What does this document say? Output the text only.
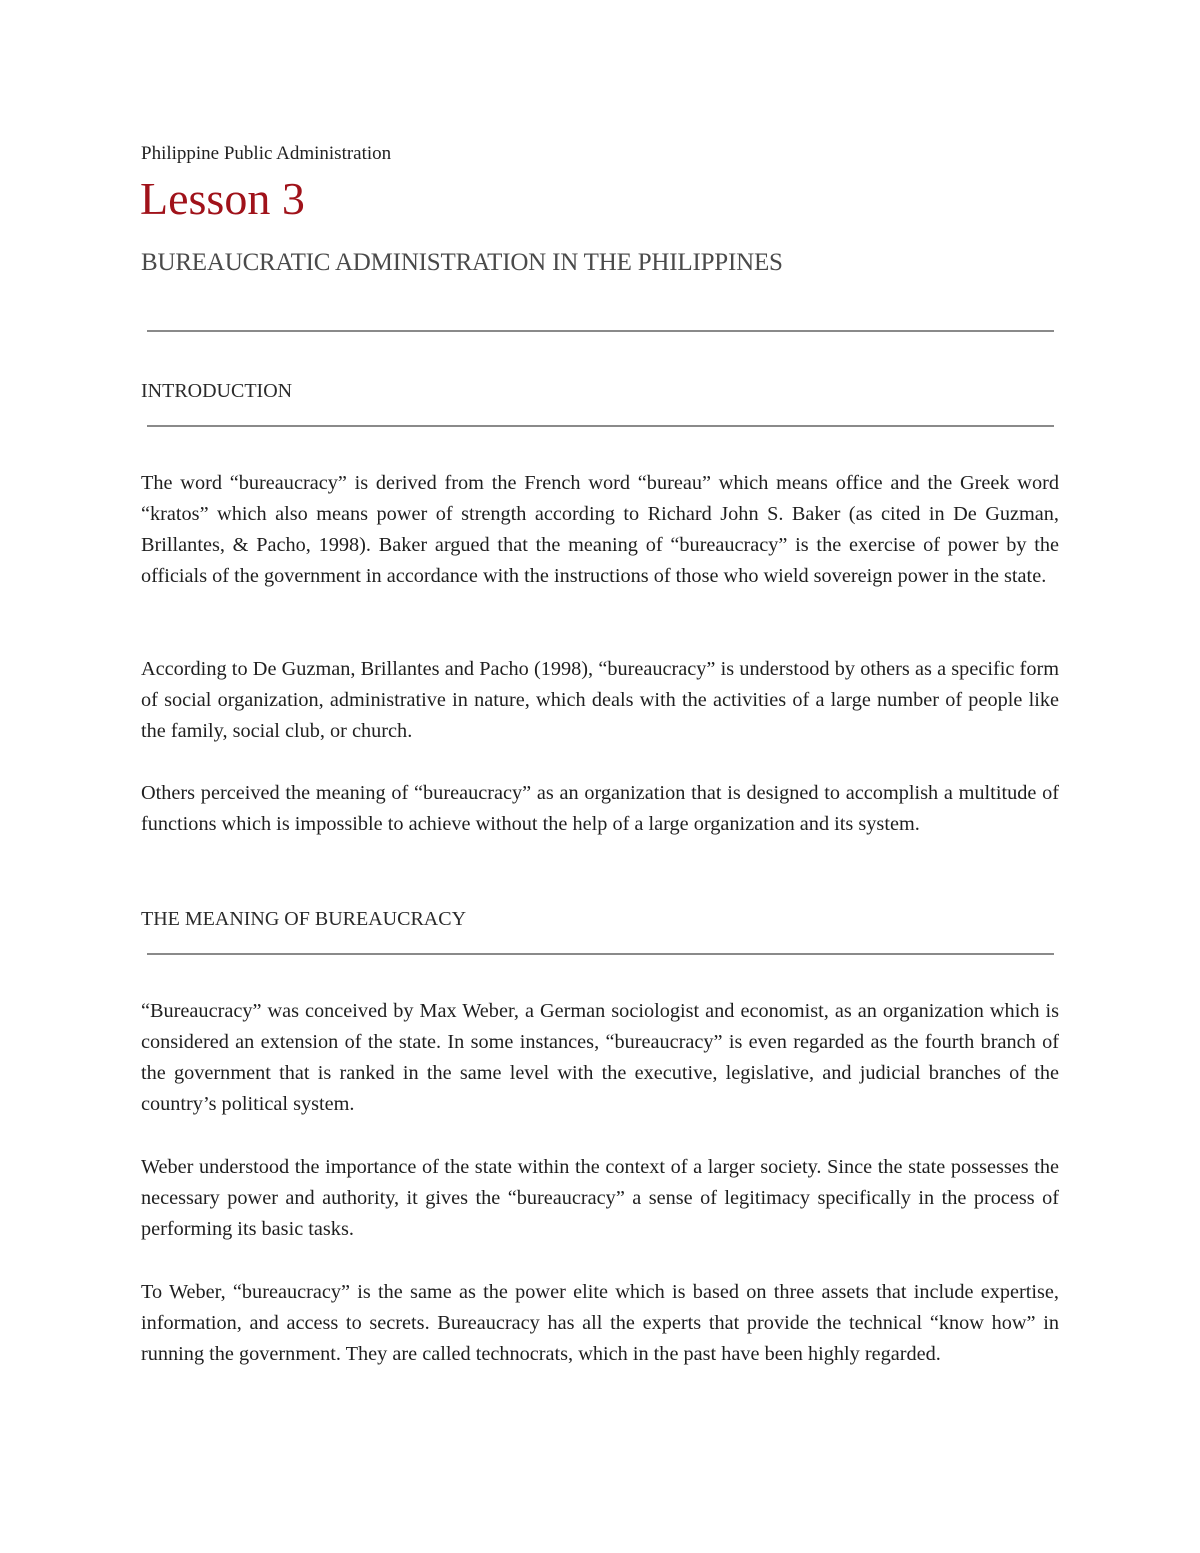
Philippine Public Administration
Lesson 3
BUREAUCRATIC ADMINISTRATION IN THE PHILIPPINES
INTRODUCTION

The word “bureaucracy” is derived from the French word “bureau” which means office and the Greek word “kratos” which also means power of strength according to Richard John S. Baker (as cited in De Guzman, Brillantes, & Pacho, 1998). Baker argued that the meaning of “bureaucracy” is the exercise of power by the officials of the government in accordance with the instructions of those who wield sovereign power in the state.

According to De Guzman, Brillantes and Pacho (1998), “bureaucracy” is understood by others as a specific form of social organization, administrative in nature, which deals with the activities of a large number of people like the family, social club, or church.

Others perceived the meaning of “bureaucracy” as an organization that is designed to accomplish a multitude of functions which is impossible to achieve without the help of a large organization and its system.

THE MEANING OF BUREAUCRACY

“Bureaucracy” was conceived by Max Weber, a German sociologist and economist, as an organization which is considered an extension of the state. In some instances, “bureaucracy” is even regarded as the fourth branch of the government that is ranked in the same level with the executive, legislative, and judicial branches of the country’s political system.

Weber understood the importance of the state within the context of a larger society. Since the state possesses the necessary power and authority, it gives the “bureaucracy” a sense of legitimacy specifically in the process of performing its basic tasks.

To Weber, “bureaucracy” is the same as the power elite which is based on three assets that include expertise, information, and access to secrets. Bureaucracy has all the experts that provide the technical “know how” in running the government. They are called technocrats, which in the past have been highly regarded.
